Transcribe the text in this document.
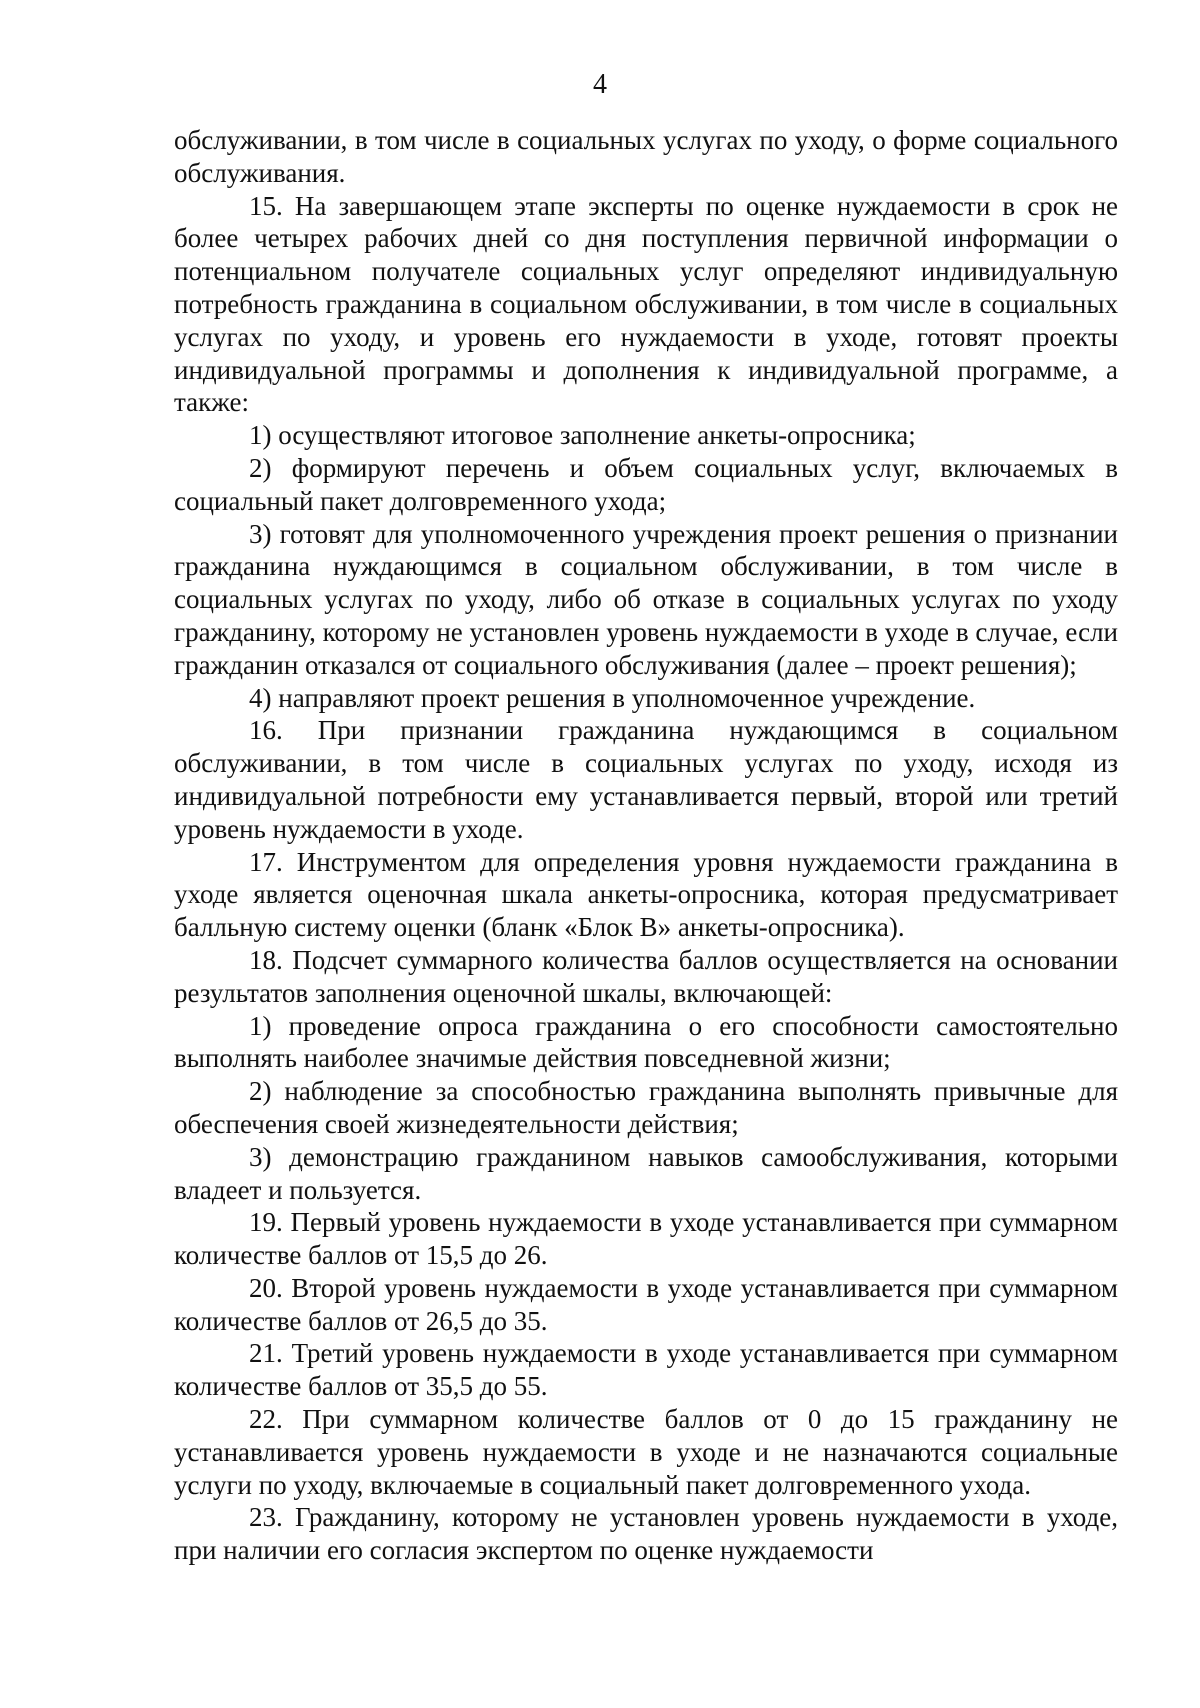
4

обслуживании, в том числе в социальных услугах по уходу, о форме социального обслуживания.

15. На завершающем этапе эксперты по оценке нуждаемости в срок не более четырех рабочих дней со дня поступления первичной информации о потенциальном получателе социальных услуг определяют индивидуальную потребность гражданина в социальном обслуживании, в том числе в социальных услугах по уходу, и уровень его нуждаемости в уходе, готовят проекты индивидуальной программы и дополнения к индивидуальной программе, а также:

1) осуществляют итоговое заполнение анкеты-опросника;

2) формируют перечень и объем социальных услуг, включаемых в социальный пакет долговременного ухода;

3) готовят для уполномоченного учреждения проект решения о признании гражданина нуждающимся в социальном обслуживании, в том числе в социальных услугах по уходу, либо об отказе в социальных услугах по уходу гражданину, которому не установлен уровень нуждаемости в уходе в случае, если гражданин отказался от социального обслуживания (далее – проект решения);

4) направляют проект решения в уполномоченное учреждение.

16. При признании гражданина нуждающимся в социальном обслуживании, в том числе в социальных услугах по уходу, исходя из индивидуальной потребности ему устанавливается первый, второй или третий уровень нуждаемости в уходе.

17. Инструментом для определения уровня нуждаемости гражданина в уходе является оценочная шкала анкеты-опросника, которая предусматривает балльную систему оценки (бланк «Блок В» анкеты-опросника).

18. Подсчет суммарного количества баллов осуществляется на основании результатов заполнения оценочной шкалы, включающей:

1) проведение опроса гражданина о его способности самостоятельно выполнять наиболее значимые действия повседневной жизни;

2) наблюдение за способностью гражданина выполнять привычные для обеспечения своей жизнедеятельности действия;

3) демонстрацию гражданином навыков самообслуживания, которыми владеет и пользуется.

19. Первый уровень нуждаемости в уходе устанавливается при суммарном количестве баллов от 15,5 до 26.

20. Второй уровень нуждаемости в уходе устанавливается при суммарном количестве баллов от 26,5 до 35.

21. Третий уровень нуждаемости в уходе устанавливается при суммарном количестве баллов от 35,5 до 55.

22. При суммарном количестве баллов от 0 до 15 гражданину не устанавливается уровень нуждаемости в уходе и не назначаются социальные услуги по уходу, включаемые в социальный пакет долговременного ухода.

23. Гражданину, которому не установлен уровень нуждаемости в уходе, при наличии его согласия экспертом по оценке нуждаемости
